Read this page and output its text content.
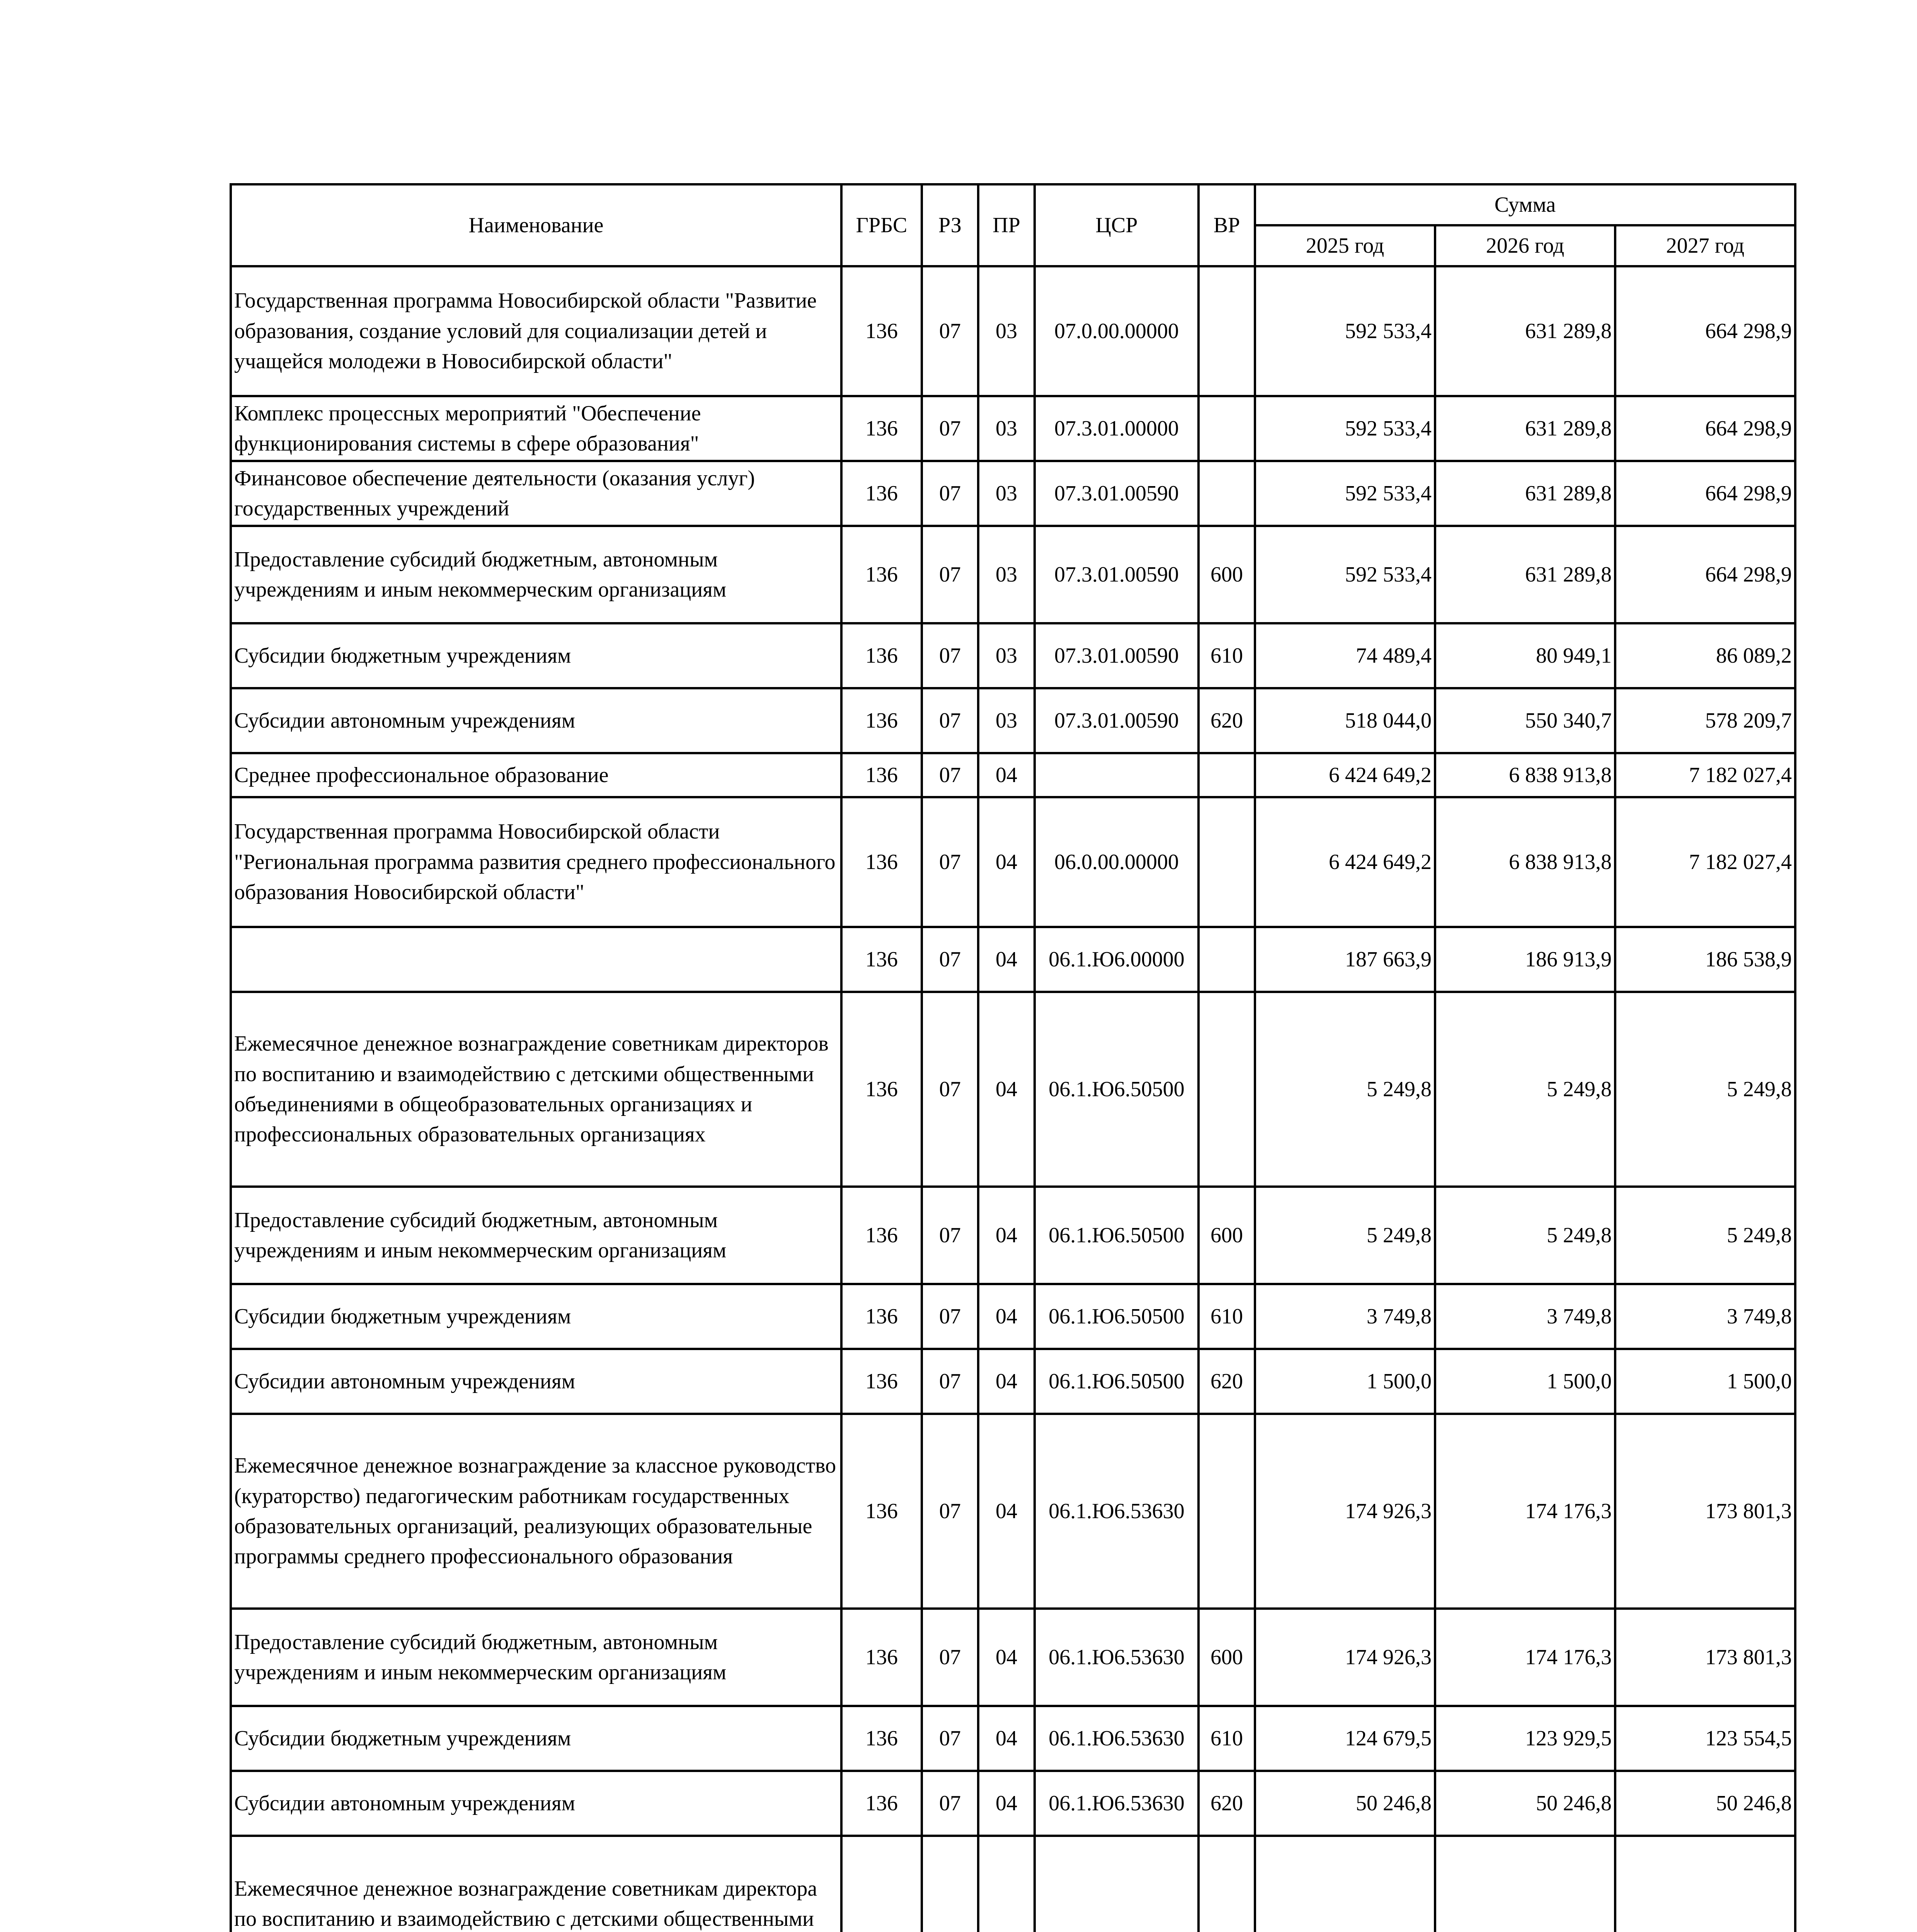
Наименование	ГРБС	РЗ	ПР	ЦСР	ВР	Сумма		
						2025 год	2026 год	2027 год
Государственная программа Новосибирской области "Развитие образования, создание условий для социализации детей и учащейся молодежи в Новосибирской области"	136	07	03	07.0.00.00000		592 533,4	631 289,8	664 298,9
Комплекс процессных мероприятий "Обеспечение функционирования системы в сфере образования"	136	07	03	07.3.01.00000		592 533,4	631 289,8	664 298,9
Финансовое обеспечение деятельности (оказания услуг) государственных учреждений	136	07	03	07.3.01.00590		592 533,4	631 289,8	664 298,9
Предоставление субсидий бюджетным, автономным учреждениям и иным некоммерческим организациям	136	07	03	07.3.01.00590	600	592 533,4	631 289,8	664 298,9
Субсидии бюджетным учреждениям	136	07	03	07.3.01.00590	610	74 489,4	80 949,1	86 089,2
Субсидии автономным учреждениям	136	07	03	07.3.01.00590	620	518 044,0	550 340,7	578 209,7
Среднее профессиональное образование	136	07	04			6 424 649,2	6 838 913,8	7 182 027,4
Государственная программа Новосибирской области "Региональная программа развития среднего профессионального образования Новосибирской области"	136	07	04	06.0.00.00000		6 424 649,2	6 838 913,8	7 182 027,4
	136	07	04	06.1.Ю6.00000		187 663,9	186 913,9	186 538,9
Ежемесячное денежное вознаграждение советникам директоров по воспитанию и взаимодействию с детскими общественными объединениями в общеобразовательных организациях и профессиональных образовательных организациях	136	07	04	06.1.Ю6.50500		5 249,8	5 249,8	5 249,8
Предоставление субсидий бюджетным, автономным учреждениям и иным некоммерческим организациям	136	07	04	06.1.Ю6.50500	600	5 249,8	5 249,8	5 249,8
Субсидии бюджетным учреждениям	136	07	04	06.1.Ю6.50500	610	3 749,8	3 749,8	3 749,8
Субсидии автономным учреждениям	136	07	04	06.1.Ю6.50500	620	1 500,0	1 500,0	1 500,0
Ежемесячное денежное вознаграждение за классное руководство (кураторство) педагогическим работникам государственных образовательных организаций, реализующих образовательные программы среднего профессионального образования	136	07	04	06.1.Ю6.53630		174 926,3	174 176,3	173 801,3
Предоставление субсидий бюджетным, автономным учреждениям и иным некоммерческим организациям	136	07	04	06.1.Ю6.53630	600	174 926,3	174 176,3	173 801,3
Субсидии бюджетным учреждениям	136	07	04	06.1.Ю6.53630	610	124 679,5	123 929,5	123 554,5
Субсидии автономным учреждениям	136	07	04	06.1.Ю6.53630	620	50 246,8	50 246,8	50 246,8
Ежемесячное денежное вознаграждение советникам директора по воспитанию и взаимодействию с детскими общественными								
